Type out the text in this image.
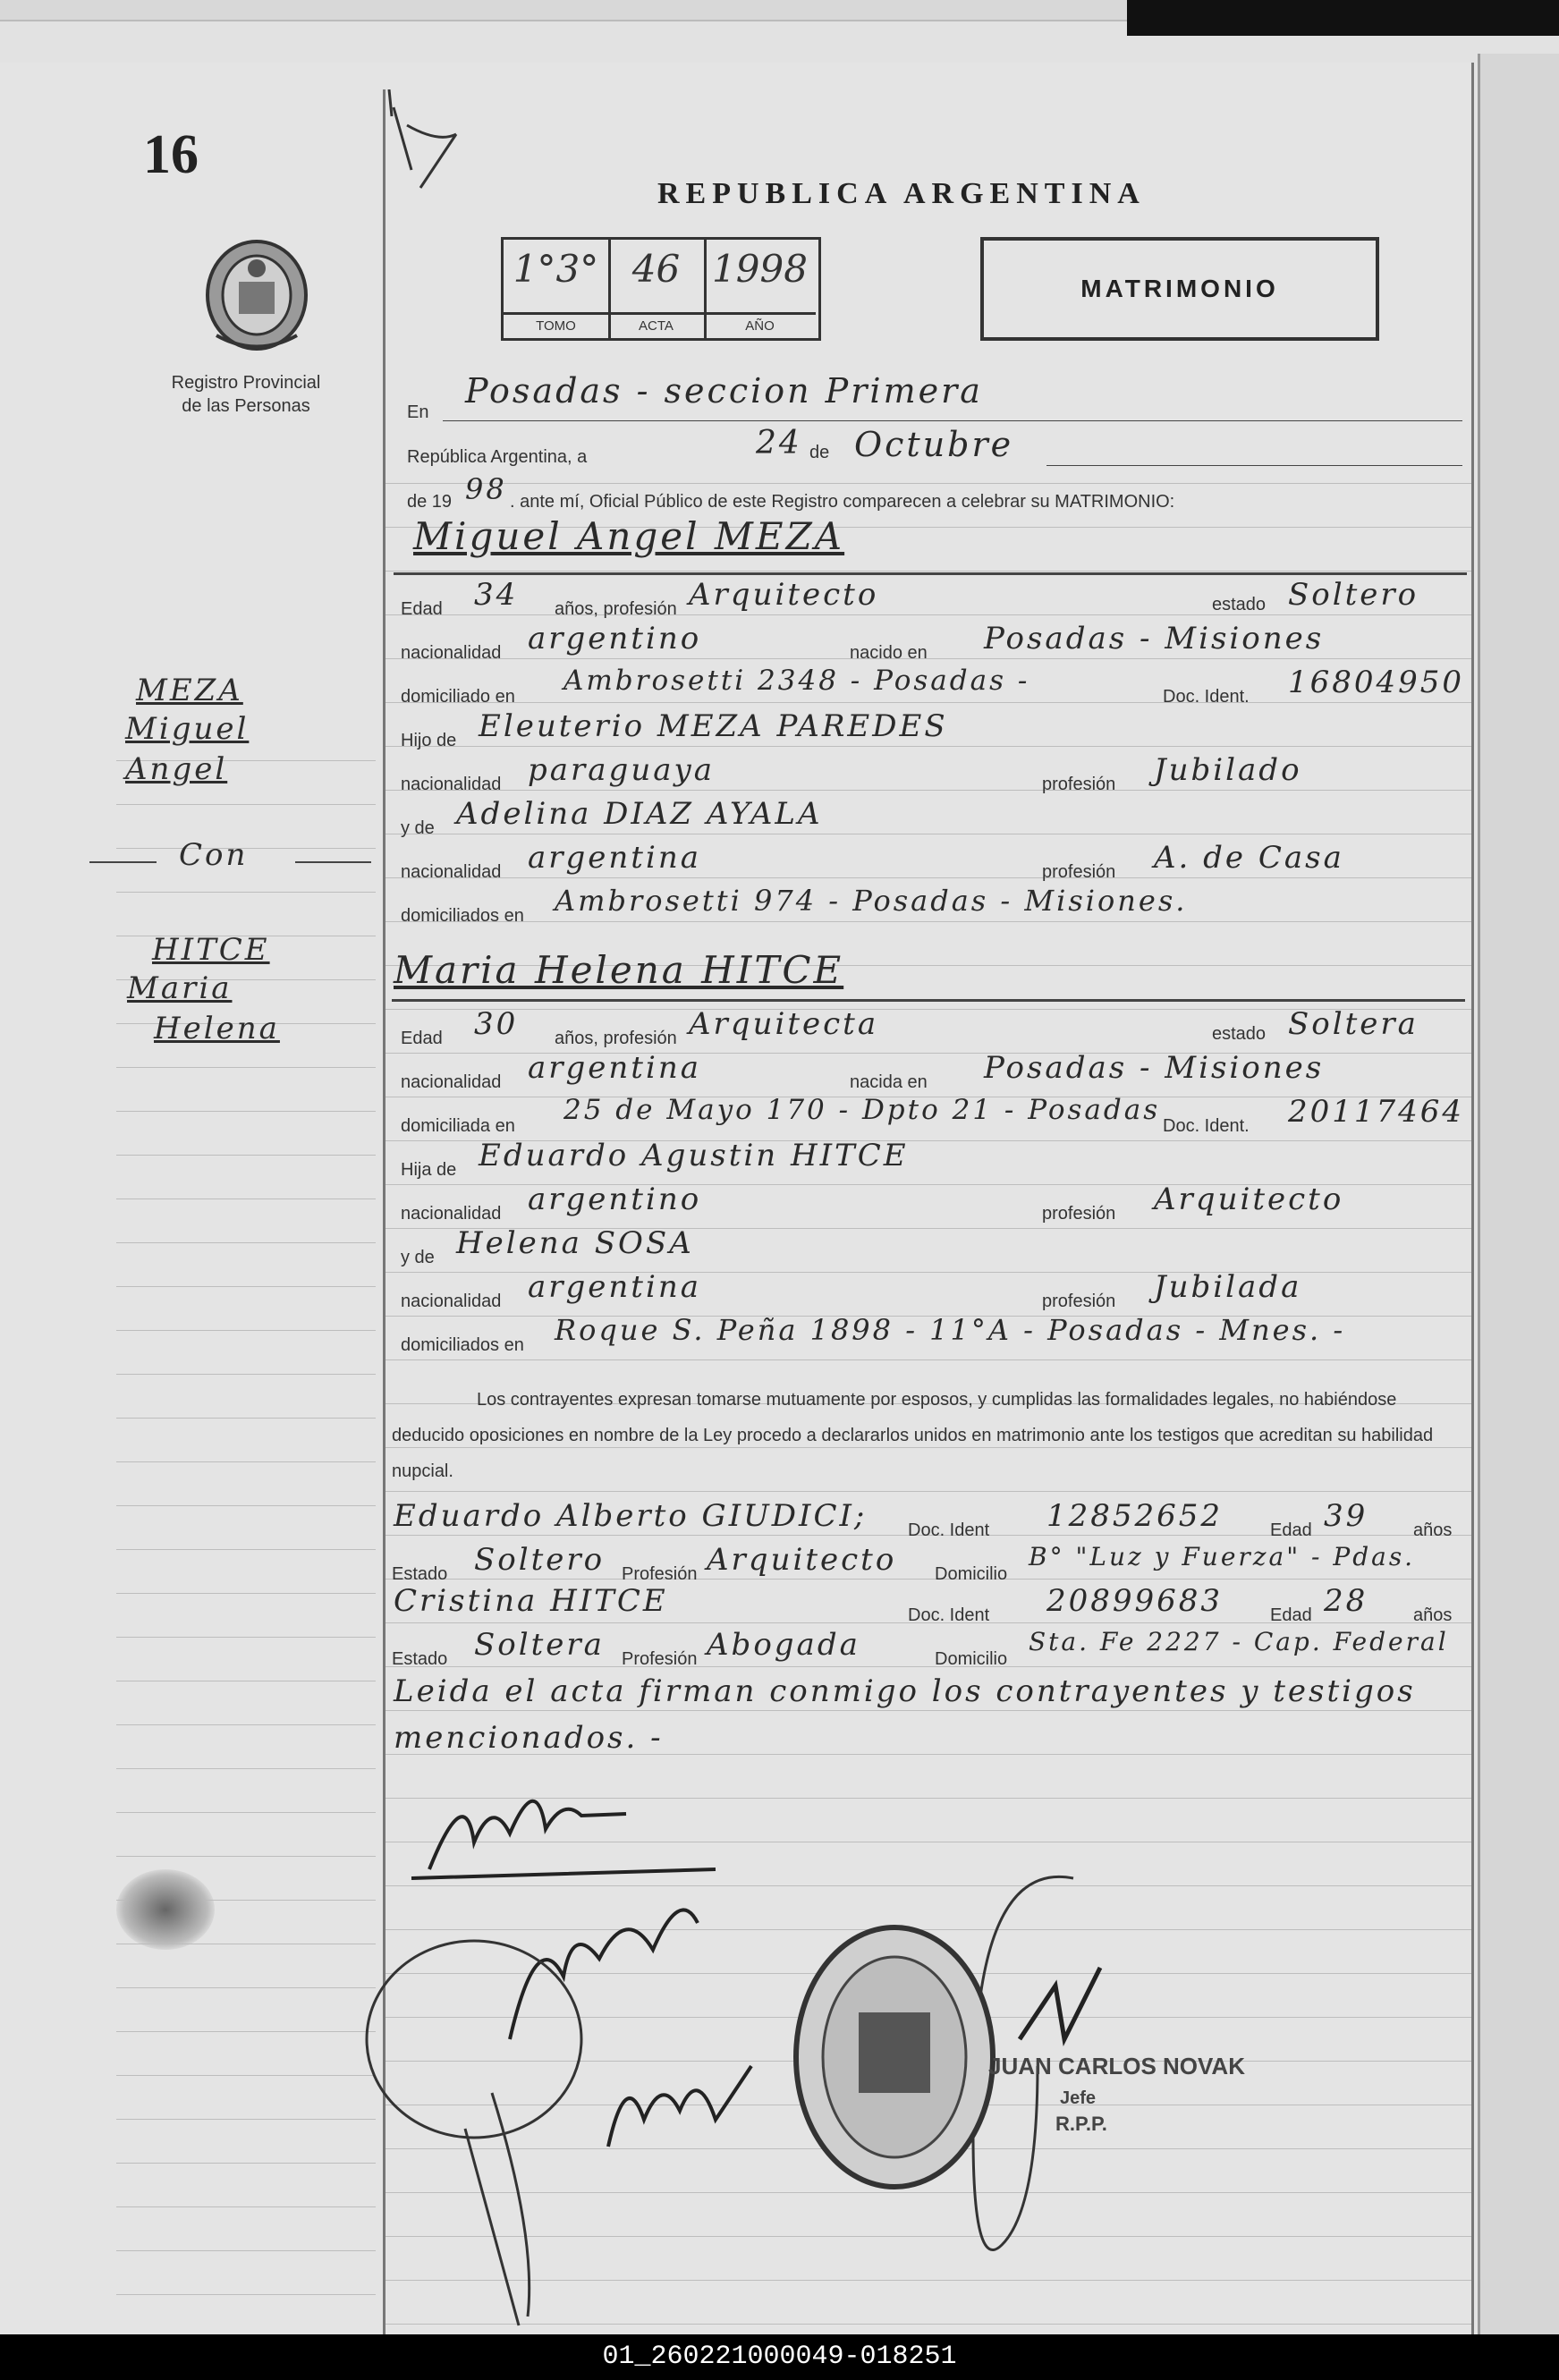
16
Registro Provincial
de las Personas
MEZA
Miguel
Angel
Con
HITCE
Maria
Helena
REPUBLICA ARGENTINA
MATRIMONIO
1°3°
TOMO
46
ACTA
1998
AÑO
En
Posadas - seccion Primera
República Argentina, a	24 de Octubre
de 19 98 . ante mí, Oficial Público de este Registro comparecen a celebrar su MATRIMONIO:
Miguel Angel MEZA
Edad 34 años, profesión Arquitecto	estado Soltero
nacionalidad argentino	nacido en Posadas - Misiones
domiciliado en Ambrosetti 2348 - Posadas -	Doc. Ident. 16804950
Hijo de Eleuterio MEZA PAREDES
nacionalidad paraguaya	profesión Jubilado
y de Adelina DIAZ AYALA
nacionalidad argentina	profesión A. de Casa
domiciliados en Ambrosetti 974 - Posadas - Misiones.
Maria Helena HITCE
Edad 30 años, profesión Arquitecta	estado Soltera
nacionalidad argentina	nacida en Posadas - Misiones
domiciliada en 25 de Mayo 170 - Dpto 21 - Posadas Doc. Ident. 20117464
Hija de Eduardo Agustin HITCE
nacionalidad argentino	profesión Arquitecto
y de Helena SOSA
nacionalidad argentina	profesión Jubilada
domiciliados en Roque S. Peña 1898 - 11°A - Posadas - Mnes. -
Los contrayentes expresan tomarse mutuamente por esposos, y cumplidas las formalidades legales, no habiéndose deducido oposiciones en nombre de la Ley procedo a declararlos unidos en matrimonio ante los testigos que acreditan su habilidad nupcial.
Eduardo Alberto GIUDICI; Doc. Ident 12852652	Edad 39	años
Estado Soltero Profesión Arquitecto Domicilio
B° "Luz y Fuerza" - Pdas.
Cristina HITCE	Doc. Ident 20899683	Edad 28	años
Estado Soltera Profesión Abogada	Domicilio
Sta. Fe 2227 - Cap. Federal
Leida el acta firman conmigo los contrayentes y testigos mencionados. -
JUAN CARLOS NOVAK
Jefe
R.P.P.
01_260221000049-018251
